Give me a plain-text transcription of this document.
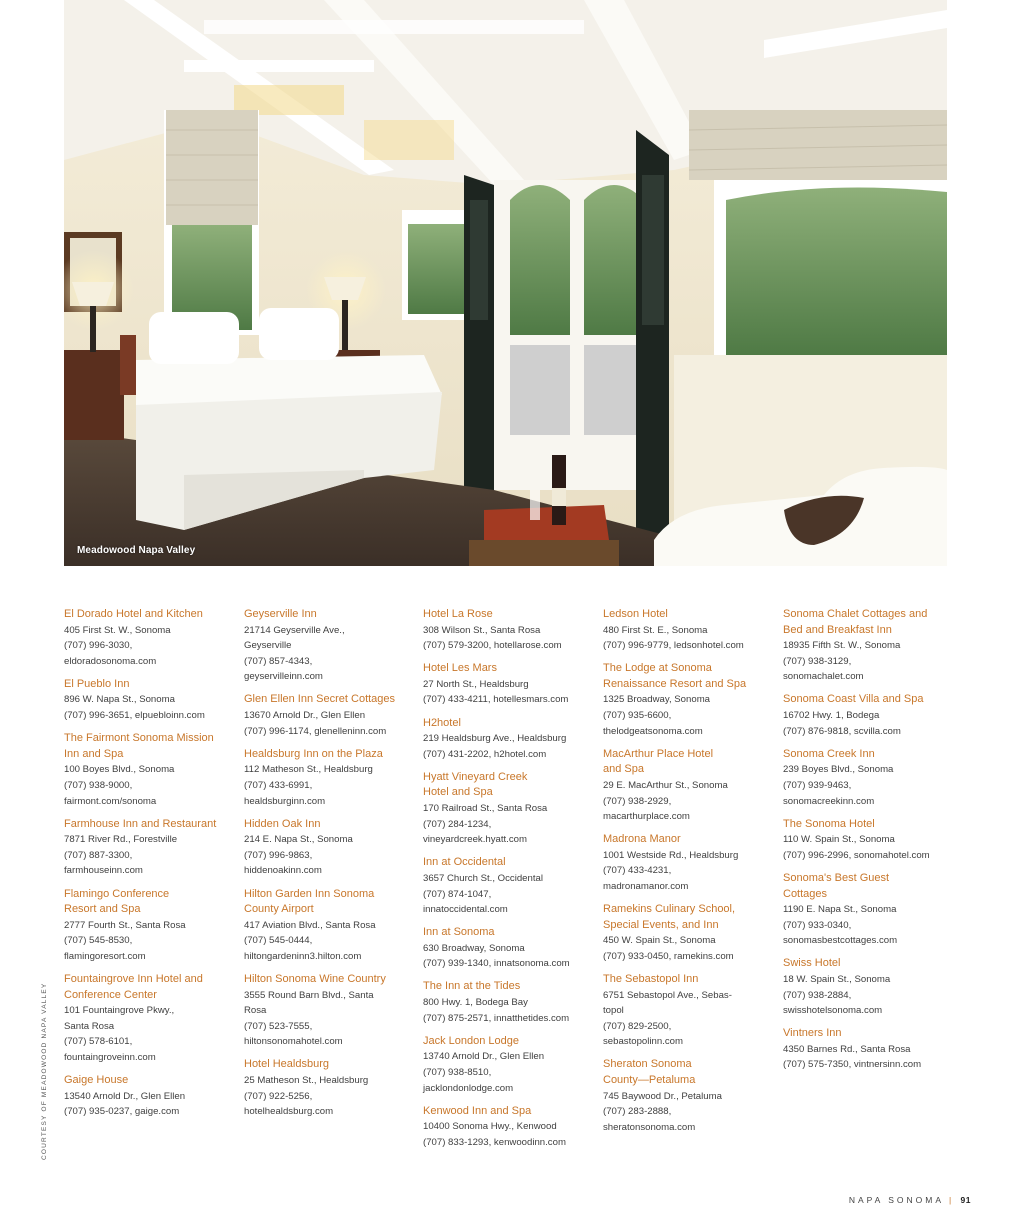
Meadowood Napa Valley
COURTESY OF MEADOWOOD NAPA VALLEY
El Dorado Hotel and Kitchen
405 First St. W., Sonoma
(707) 996-3030,
eldoradosonoma.com
El Pueblo Inn
896 W. Napa St., Sonoma
(707) 996-3651, elpuebloinn.com
The Fairmont Sonoma Mission
Inn and Spa
100 Boyes Blvd., Sonoma
(707) 938-9000,
fairmont.com/sonoma
Farmhouse Inn and Restaurant
7871 River Rd., Forestville
(707) 887-3300,
farmhouseinn.com
Flamingo Conference
Resort and Spa
2777 Fourth St., Santa Rosa
(707) 545-8530,
flamingoresort.com
Fountaingrove Inn Hotel and
Conference Center
101 Fountaingrove Pkwy.,
Santa Rosa
(707) 578-6101,
fountaingroveinn.com
Gaige House
13540 Arnold Dr., Glen Ellen
(707) 935-0237, gaige.com
Geyserville Inn
21714 Geyserville Ave.,
Geyserville
(707) 857-4343,
geyservilleinn.com
Glen Ellen Inn Secret Cottages
13670 Arnold Dr., Glen Ellen
(707) 996-1174, glenelleninn.com
Healdsburg Inn on the Plaza
112 Matheson St., Healdsburg
(707) 433-6991,
healdsburginn.com
Hidden Oak Inn
214 E. Napa St., Sonoma
(707) 996-9863,
hiddenoakinn.com
Hilton Garden Inn Sonoma
County Airport
417 Aviation Blvd., Santa Rosa
(707) 545-0444,
hiltongardeninn3.hilton.com
Hilton Sonoma Wine Country
3555 Round Barn Blvd., Santa
Rosa
(707) 523-7555,
hiltonsonomahotel.com
Hotel Healdsburg
25 Matheson St., Healdsburg
(707) 922-5256,
hotelhealdsburg.com
Hotel La Rose
308 Wilson St., Santa Rosa
(707) 579-3200, hotellarose.com
Hotel Les Mars
27 North St., Healdsburg
(707) 433-4211, hotellesmars.com
H2hotel
219 Healdsburg Ave., Healdsburg
(707) 431-2202, h2hotel.com
Hyatt Vineyard Creek
Hotel and Spa
170 Railroad St., Santa Rosa
(707) 284-1234,
vineyardcreek.hyatt.com
Inn at Occidental
3657 Church St., Occidental
(707) 874-1047,
innatoccidental.com
Inn at Sonoma
630 Broadway, Sonoma
(707) 939-1340, innatsonoma.com
The Inn at the Tides
800 Hwy. 1, Bodega Bay
(707) 875-2571, innatthetides.com
Jack London Lodge
13740 Arnold Dr., Glen Ellen
(707) 938-8510,
jacklondonlodge.com
Kenwood Inn and Spa
10400 Sonoma Hwy., Kenwood
(707) 833-1293, kenwoodinn.com
Ledson Hotel
480 First St. E., Sonoma
(707) 996-9779, ledsonhotel.com
The Lodge at Sonoma
Renaissance Resort and Spa
1325 Broadway, Sonoma
(707) 935-6600,
thelodgeatsonoma.com
MacArthur Place Hotel
and Spa
29 E. MacArthur St., Sonoma
(707) 938-2929,
macarthurplace.com
Madrona Manor
1001 Westside Rd., Healdsburg
(707) 433-4231,
madronamanor.com
Ramekins Culinary School,
Special Events, and Inn
450 W. Spain St., Sonoma
(707) 933-0450, ramekins.com
The Sebastopol Inn
6751 Sebastopol Ave., Sebas-
topol
(707) 829-2500,
sebastopolinn.com
Sheraton Sonoma
County—Petaluma
745 Baywood Dr., Petaluma
(707) 283-2888,
sheratonsonoma.com
Sonoma Chalet Cottages and
Bed and Breakfast Inn
18935 Fifth St. W., Sonoma
(707) 938-3129,
sonomachalet.com
Sonoma Coast Villa and Spa
16702 Hwy. 1, Bodega
(707) 876-9818, scvilla.com
Sonoma Creek Inn
239 Boyes Blvd., Sonoma
(707) 939-9463,
sonomacreekinn.com
The Sonoma Hotel
110 W. Spain St., Sonoma
(707) 996-2996, sonomahotel.com
Sonoma's Best Guest
Cottages
1190 E. Napa St., Sonoma
(707) 933-0340,
sonomasbestcottages.com
Swiss Hotel
18 W. Spain St., Sonoma
(707) 938-2884,
swisshotelsonoma.com
Vintners Inn
4350 Barnes Rd., Santa Rosa
(707) 575-7350, vintnersinn.com
NAPA SONOMA | 91
